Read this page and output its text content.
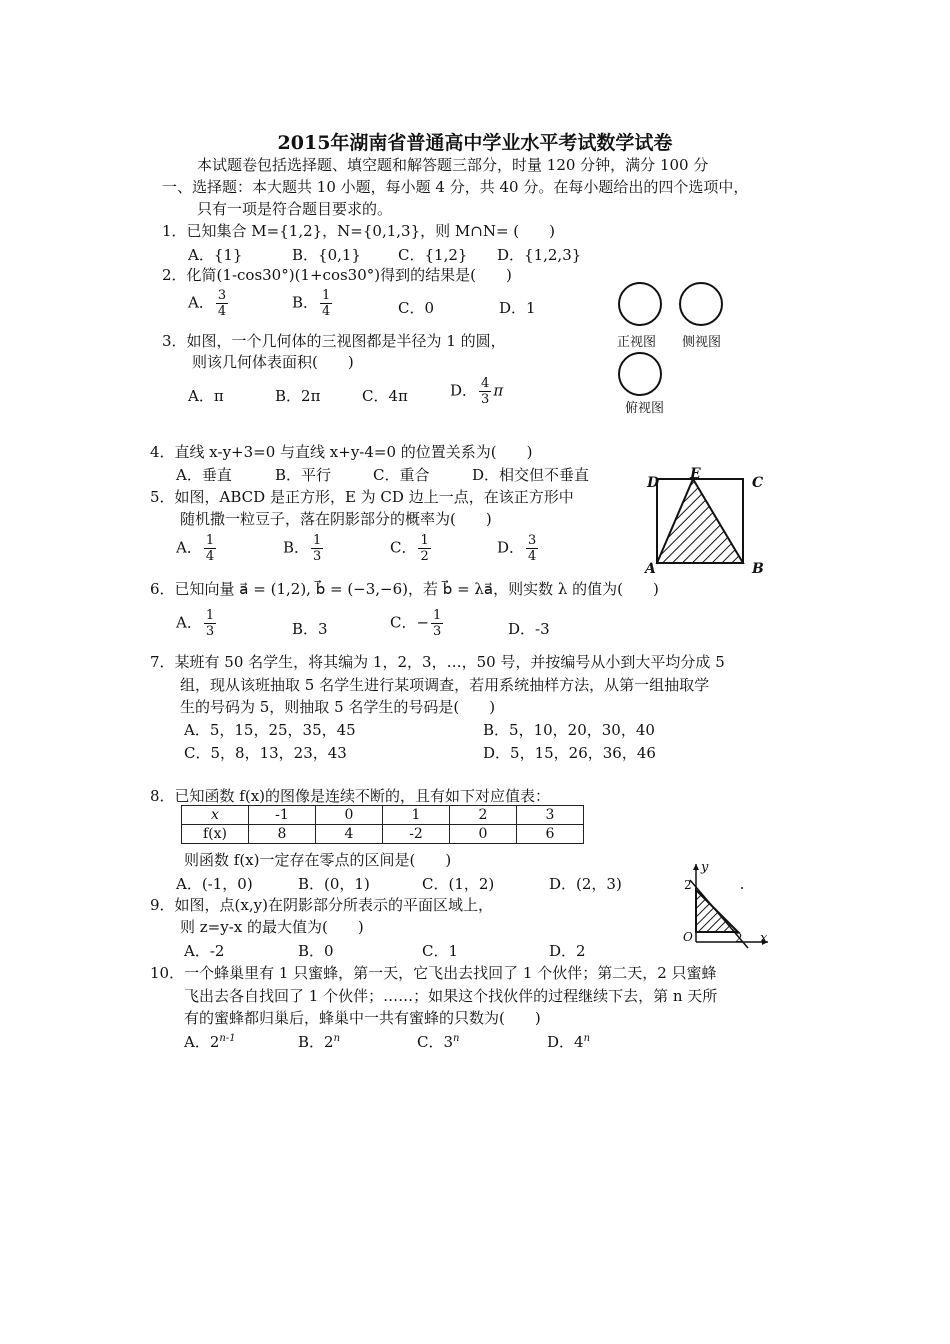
2015年湖南省普通高中学业水平考试数学试卷
本试题卷包括选择题、填空题和解答题三部分，时量 120 分钟，满分 100 分
一、选择题：本大题共 10 小题，每小题 4 分，共 40 分。在每小题给出的四个选项中，
只有一项是符合题目要求的。
1．已知集合 M={1,2}，N={0,1,3}，则 M∩N= (　　)
A．{1}	B．{0,1} C．{1,2} D．{1,2,3}
2．化简(1-cos30°)(1+cos30°)得到的结果是(　　)
A． $\frac{3}{4}$	B． $\frac{1}{4}$	C．0	D．1
3．如图，一个几何体的三视图都是半径为 1 的圆，
则该几何体表面积(　　)
A．π	B．2π	C．4π	D． $\frac{4}{3}$ π
正视图 侧视图
俯视图
4．直线 x-y+3=0 与直线 x+y-4=0 的位置关系为(　　)
A．垂直	B．平行	C．重合	D．相交但不垂直
5．如图，ABCD 是正方形，E 为 CD 边上一点，在该正方形中
随机撒一粒豆子，落在阴影部分的概率为(　　)
A． $\frac{1}{4}$	B． $\frac{1}{3}$	C． $\frac{1}{2}$	D． $\frac{3}{4}$
D
E
C
A	B
6．已知向量 a⃗ = (1,2), b⃗ = (−3,−6)，若 b⃗ = λa⃗，则实数 λ 的值为(　　)
A． $\frac{1}{3}$	B．3	C．− $\frac{1}{3}$	D．-3
7．某班有 50 名学生，将其编为 1，2，3，…，50 号，并按编号从小到大平均分成 5
组，现从该班抽取 5 名学生进行某项调查，若用系统抽样方法，从第一组抽取学
生的号码为 5，则抽取 5 名学生的号码是(　　)
A．5，15，25，35，45	B．5，10，20，30，40
C．5，8，13，23，43	D．5，15，26，36，46
8．已知函数 f(x)的图像是连续不断的，且有如下对应值表：
x	-1	0	1	2	3
f(x)	8	4	-2	0	6
则函数 f(x)一定存在零点的区间是(　　)
A．(-1，0)	B．(0，1)	C．(1，2)	D．(2，3)
9．如图，点(x,y)在阴影部分所表示的平面区域上，
则 z=y-x 的最大值为(　　)
A．-2	B．0	C．1	D．2
y
2
O	2 x
10．一个蜂巢里有 1 只蜜蜂，第一天，它飞出去找回了 1 个伙伴；第二天，2 只蜜蜂
飞出去各自找回了 1 个伙伴；……；如果这个找伙伴的过程继续下去，第 n 天所
有的蜜蜂都归巢后，蜂巢中一共有蜜蜂的只数为(　　)
A．2$^{n-1}$	B．2$^n$	C．3$^n$	D．4$^n$
